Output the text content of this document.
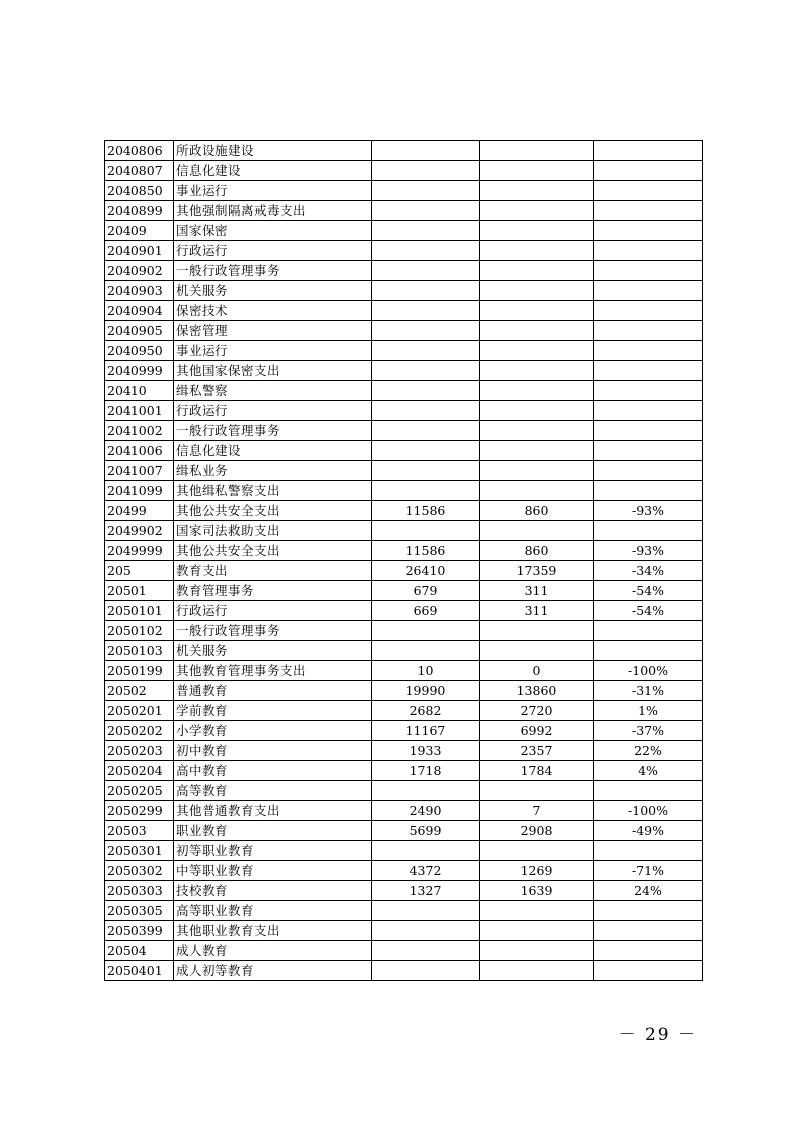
2040806	所政设施建设			
2040807	信息化建设			
2040850	事业运行			
2040899	其他强制隔离戒毒支出			
20409	国家保密			
2040901	行政运行			
2040902	一般行政管理事务			
2040903	机关服务			
2040904	保密技术			
2040905	保密管理			
2040950	事业运行			
2040999	其他国家保密支出			
20410	缉私警察			
2041001	行政运行			
2041002	一般行政管理事务			
2041006	信息化建设			
2041007	缉私业务			
2041099	其他缉私警察支出			
20499	其他公共安全支出	11586	860	-93%
2049902	国家司法救助支出			
2049999	其他公共安全支出	11586	860	-93%
205	教育支出	26410	17359	-34%
20501	教育管理事务	679	311	-54%
2050101	行政运行	669	311	-54%
2050102	一般行政管理事务			
2050103	机关服务			
2050199	其他教育管理事务支出	10	0	-100%
20502	普通教育	19990	13860	-31%
2050201	学前教育	2682	2720	1%
2050202	小学教育	11167	6992	-37%
2050203	初中教育	1933	2357	22%
2050204	高中教育	1718	1784	4%
2050205	高等教育			
2050299	其他普通教育支出	2490	7	-100%
20503	职业教育	5699	2908	-49%
2050301	初等职业教育			
2050302	中等职业教育	4372	1269	-71%
2050303	技校教育	1327	1639	24%
2050305	高等职业教育			
2050399	其他职业教育支出			
20504	成人教育			
2050401	成人初等教育			
－ 29 －
